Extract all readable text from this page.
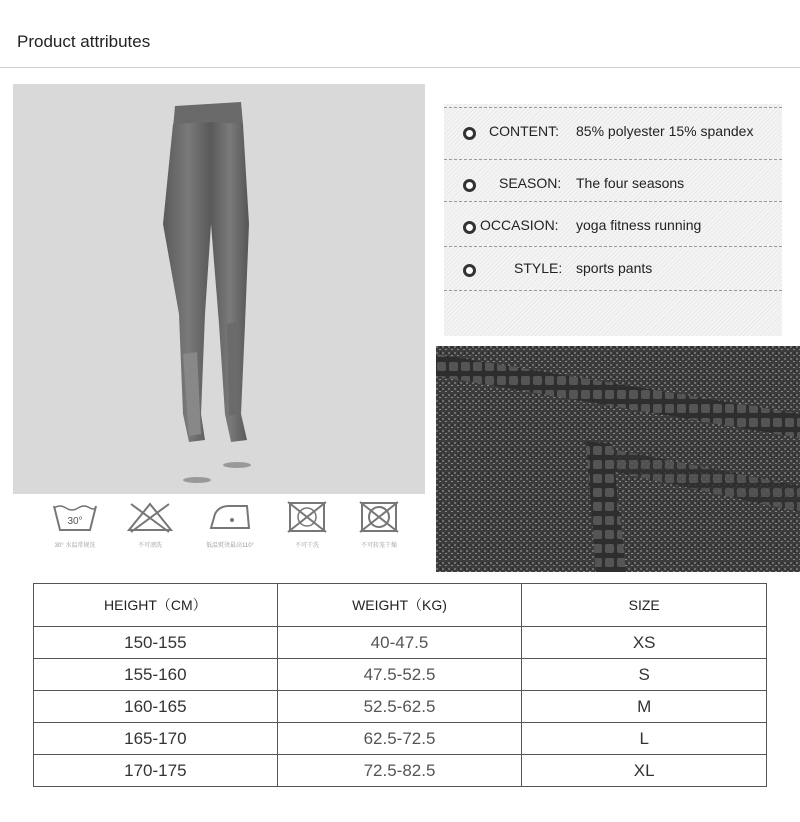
Product attributes
30°
30° 水温常规洗	不可漂洗	低温熨烫最高110°	不可干洗	不可转笼干燥
CONTENT: 85% polyester 15% spandex
SEASON: The four seasons
OCCASION: yoga fitness running
STYLE: sports pants
HEIGHT（CM）	WEIGHT（KG)	SIZE
150-155	40-47.5	XS
155-160	47.5-52.5	S
160-165	52.5-62.5	M
165-170	62.5-72.5	L
170-175	72.5-82.5	XL
